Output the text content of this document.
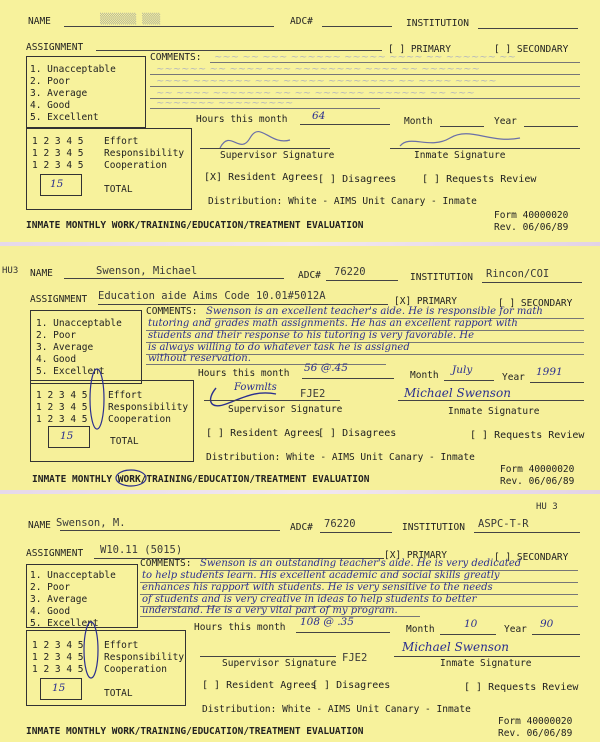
NAME	▒▒▒▒▒▒ ▒▒▒	ADC#	INSTITUTION
ASSIGNMENT	[ ] PRIMARY	[ ] SECONDARY
1. Unacceptable
2. Poor
3. Average
4. Good
5. Excellent
COMMENTS: ~~~ ~~ ~~~ ~~~~~~ ~~~~~ ~~~~ ~~ ~~~~~~ ~~
~~~~~~ ~~ ~~~~ ~~~ ~~~~~~~~ ~~~~ ~~ ~~~~~~~
~~~~ ~~~~~~~ ~~~ ~~~~~ ~~~~~~~~ ~~ ~~~~ ~~~~~
~~ ~~~~ ~~~~~~~ ~~ ~~ ~~~~~~ ~~~~~~~ ~~ ~~~
~~~~~~~ ~~~~~~~~~
Hours this month 64	Month	Year
1 2 3 4 5 Effort
1 2 3 4 5 Responsibility
1 2 3 4 5 Cooperation
15	TOTAL
Supervisor Signature	Inmate Signature
[X] Resident Agrees [ ] Disagrees	[ ] Requests Review
Distribution: White - AIMS Unit Canary - Inmate
Form 40000020
INMATE MONTHLY WORK/TRAINING/EDUCATION/TREATMENT EVALUATION	Rev. 06/06/89
HU3 NAME	Swenson, Michael	ADC# 76220	INSTITUTION Rincon/COI
ASSIGNMENT Education aide Aims Code 10.01#5012A	[X] PRIMARY	[ ] SECONDARY
1. Unacceptable
2. Poor
3. Average
4. Good
5. Excellent
COMMENTS: Swenson is an excellent teacher's aide. He is responsible for math
tutoring and grades math assignments. He has an excellent rapport with
students and their response to his tutoring is very favorable. He
is always willing to do whatever task he is assigned
without reservation.
Hours this month 56 @.45
Month July
Year 1991
1 2 3 4 5 Effort
1 2 3 4 5 Responsibility
1 2 3 4 5 Cooperation
15	TOTAL
Fowmlts
FJE2	Michael Swenson
Supervisor Signature	Inmate Signature
[ ] Resident Agrees
[ ] Disagrees	[ ] Requests Review
Distribution: White - AIMS Unit Canary - Inmate
Form 40000020
INMATE MONTHLY WORK/TRAINING/EDUCATION/TREATMENT EVALUATION	Rev. 06/06/89
HU 3
NAME Swenson, M.	ADC# 76220	INSTITUTION ASPC-T-R
ASSIGNMENT W10.11 (5015)	[X] PRIMARY	[ ] SECONDARY
1. Unacceptable
2. Poor
3. Average
4. Good
5. Excellent
COMMENTS: Swenson is an outstanding teacher's aide. He is very dedicated
to help students learn. His excellent academic and social skills greatly
enhances his rapport with students. He is very sensitive to the needs
of students and is very creative in ideas to help students to better
understand. He is a very vital part of my program.
Hours this month 108 @ .35
Month	10	Year 90
1 2 3 4 5 Effort
1 2 3 4 5 Responsibility
1 2 3 4 5 Cooperation
15	TOTAL
FJE2
Michael Swenson
Supervisor Signature	Inmate Signature
[ ] Resident Agrees
[ ] Disagrees	[ ] Requests Review
Distribution: White - AIMS Unit Canary - Inmate
Form 40000020
INMATE MONTHLY WORK/TRAINING/EDUCATION/TREATMENT EVALUATION	Rev. 06/06/89
